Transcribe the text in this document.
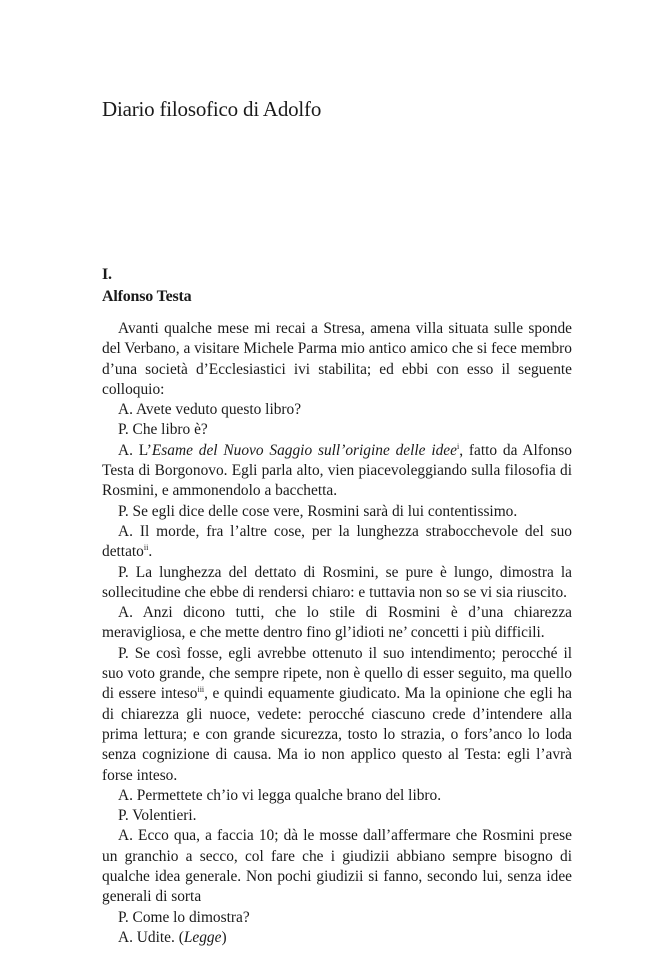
Diario filosofico di Adolfo
I.
Alfonso Testa

Avanti qualche mese mi recai a Stresa, amena villa situata sulle sponde del Verbano, a visitare Michele Parma mio antico amico che si fece membro d’una società d’Ecclesiastici ivi stabilita; ed ebbi con esso il seguente colloquio:

A. Avete veduto questo libro?

P. Che libro è?

A. L’Esame del Nuovo Saggio sull’origine delle idee$^i$, fatto da Alfonso Testa di Borgonovo. Egli parla alto, vien piacevoleggiando sulla filosofia di Rosmini, e ammonendolo a bacchetta.

P. Se egli dice delle cose vere, Rosmini sarà di lui contentissimo.

A. Il morde, fra l’altre cose, per la lunghezza strabocchevole del suo dettato$^{ii}$.

P. La lunghezza del dettato di Rosmini, se pure è lungo, dimostra la sollecitudine che ebbe di rendersi chiaro: e tuttavia non so se vi sia riuscito.

A. Anzi dicono tutti, che lo stile di Rosmini è d’una chiarezza meravigliosa, e che mette dentro fino gl’idioti ne’ concetti i più difficili.

P. Se così fosse, egli avrebbe ottenuto il suo intendimento; perocché il suo voto grande, che sempre ripete, non è quello di esser seguito, ma quello di essere inteso$^{iii}$, e quindi equamente giudicato. Ma la opinione che egli ha di chiarezza gli nuoce, vedete: perocché ciascuno crede d’intendere alla prima lettura; e con grande sicurezza, tosto lo strazia, o fors’anco lo loda senza cognizione di causa. Ma io non applico questo al Testa: egli l’avrà forse inteso.

A. Permettete ch’io vi legga qualche brano del libro.

P. Volentieri.

A. Ecco qua, a faccia 10; dà le mosse dall’affermare che Rosmini prese un granchio a secco, col fare che i giudizii abbiano sempre bisogno di qualche idea generale. Non pochi giudizii si fanno, secondo lui, senza idee generali di sorta

P. Come lo dimostra?

A. Udite. (Legge)
